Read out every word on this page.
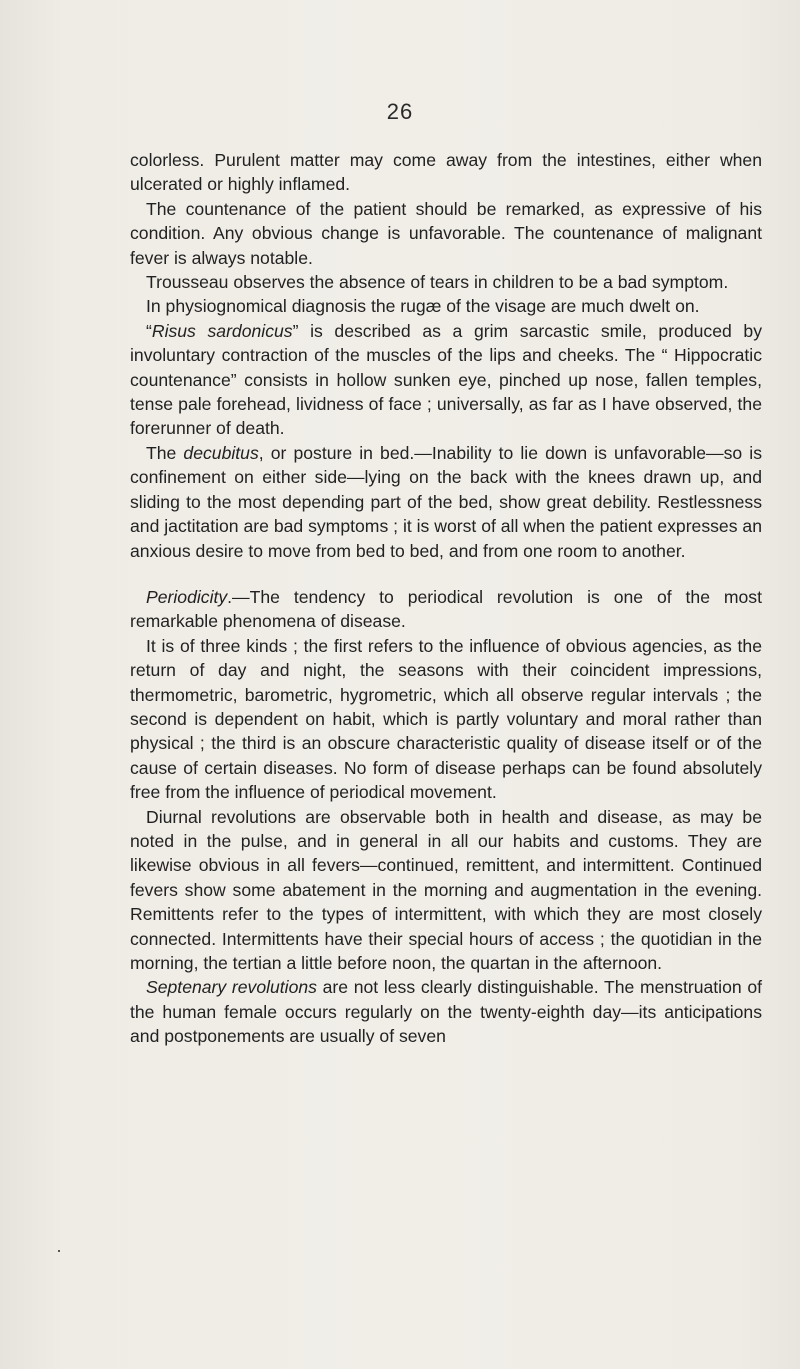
26

colorless. Purulent matter may come away from the intestines, either when ulcerated or highly inflamed.

The countenance of the patient should be remarked, as expressive of his condition. Any obvious change is unfavorable. The countenance of malignant fever is always notable.

Trousseau observes the absence of tears in children to be a bad symptom.

In physiognomical diagnosis the rugæ of the visage are much dwelt on.

“Risus sardonicus” is described as a grim sarcastic smile, produced by involuntary contraction of the muscles of the lips and cheeks. The “ Hippocratic countenance” consists in hollow sunken eye, pinched up nose, fallen temples, tense pale forehead, lividness of face ; universally, as far as I have observed, the forerunner of death.

The decubitus, or posture in bed.—Inability to lie down is unfavorable—so is confinement on either side—lying on the back with the knees drawn up, and sliding to the most depending part of the bed, show great debility. Restlessness and jactitation are bad symptoms ; it is worst of all when the patient expresses an anxious desire to move from bed to bed, and from one room to another.

Periodicity.—The tendency to periodical revolution is one of the most remarkable phenomena of disease.

It is of three kinds ; the first refers to the influence of obvious agencies, as the return of day and night, the seasons with their coincident impressions, thermometric, barometric, hygrometric, which all observe regular intervals ; the second is dependent on habit, which is partly voluntary and moral rather than physical ; the third is an obscure characteristic quality of disease itself or of the cause of certain diseases. No form of disease perhaps can be found absolutely free from the influence of periodical movement.

Diurnal revolutions are observable both in health and disease, as may be noted in the pulse, and in general in all our habits and customs. They are likewise obvious in all fevers—continued, remittent, and intermittent. Continued fevers show some abatement in the morning and augmentation in the evening. Remittents refer to the types of intermittent, with which they are most closely connected. Intermittents have their special hours of access ; the quotidian in the morning, the tertian a little before noon, the quartan in the afternoon.

Septenary revolutions are not less clearly distinguishable. The menstruation of the human female occurs regularly on the twenty-eighth day—its anticipations and postponements are usually of seven
